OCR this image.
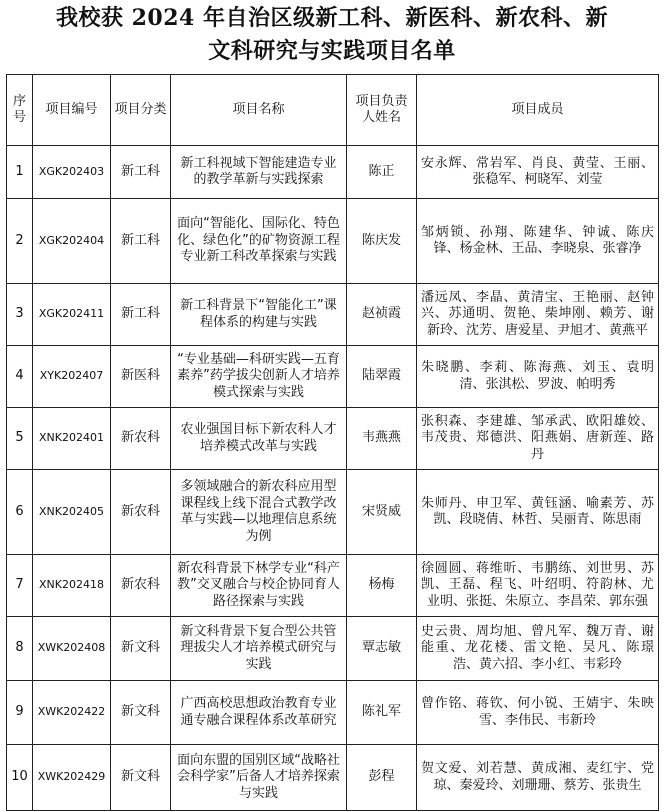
我校获 2024 年自治区级新工科、新医科、新农科、新
文科研究与实践项目名单
序号	项目编号	项目分类	项目名称	项目负责人姓名	项目成员
1	XGK202403	新工科	新工科视域下智能建造专业的教学革新与实践探索	陈正	安永辉、常岩军、肖良、黄莹、王丽、张稳军、柯晓军、刘莹
2	XGK202404	新工科	面向“智能化、国际化、特色化、绿色化”的矿物资源工程专业新工科改革探索与实践	陈庆发	邹炳锁、孙翔、陈建华、钟诚、陈庆锋、杨金林、王品、李晓泉、张睿净
3	XGK202411	新工科	新工科背景下“智能化工”课程体系的构建与实践	赵祯霞	潘远凤、李晶、黄清宝、王艳丽、赵钟兴、苏通明、贺艳、柴坤刚、赖芳、谢新玲、沈芳、唐爱星、尹旭才、黄燕平
4	XYK202407	新医科	“专业基础—科研实践—五育素养”药学拔尖创新人才培养模式探索与实践	陆翠霞	朱晓鹏、李莉、陈海燕、刘玉、袁明清、张淇松、罗波、帕明秀
5	XNK202401	新农科	农业强国目标下新农科人才培养模式改革与实践	韦燕燕	张积森、李建雄、邹承武、欧阳雄姣、韦茂贵、郑德洪、阳燕娟、唐新莲、路丹
6	XNK202405	新农科	多领域融合的新农科应用型课程线上线下混合式教学改革与实践—以地理信息系统为例	宋贤威	朱师丹、申卫军、黄钰涵、喻素芳、苏凯、段晓倩、林哲、吴丽青、陈思雨
7	XNK202418	新农科	新农科背景下林学专业“科产教”交叉融合与校企协同育人路径探索与实践	杨梅	徐圆圆、蒋维昕、韦鹏练、刘世男、苏凯、王磊、程飞、叶绍明、符韵林、尤业明、张挺、朱原立、李昌荣、郭东强
8	XWK202408	新文科	新文科背景下复合型公共管理拔尖人才培养模式研究与实践	覃志敏	史云贵、周均旭、曾凡军、魏万青、谢能重、龙花楼、雷文艳、吴凡、陈璟浩、黄六招、李小红、韦彩玲
9	XWK202422	新文科	广西高校思想政治教育专业通专融合课程体系改革研究	陈礼军	曾作铭、蒋钦、何小锐、王婧宇、朱映雪、李伟民、韦新玲
10	XWK202429	新文科	面向东盟的国别区域“战略社会科学家”后备人才培养探索与实践	彭程	贺文爱、刘若慧、黄成湘、麦红宇、党琼、秦爱玲、刘珊珊、蔡芳、张贵生
